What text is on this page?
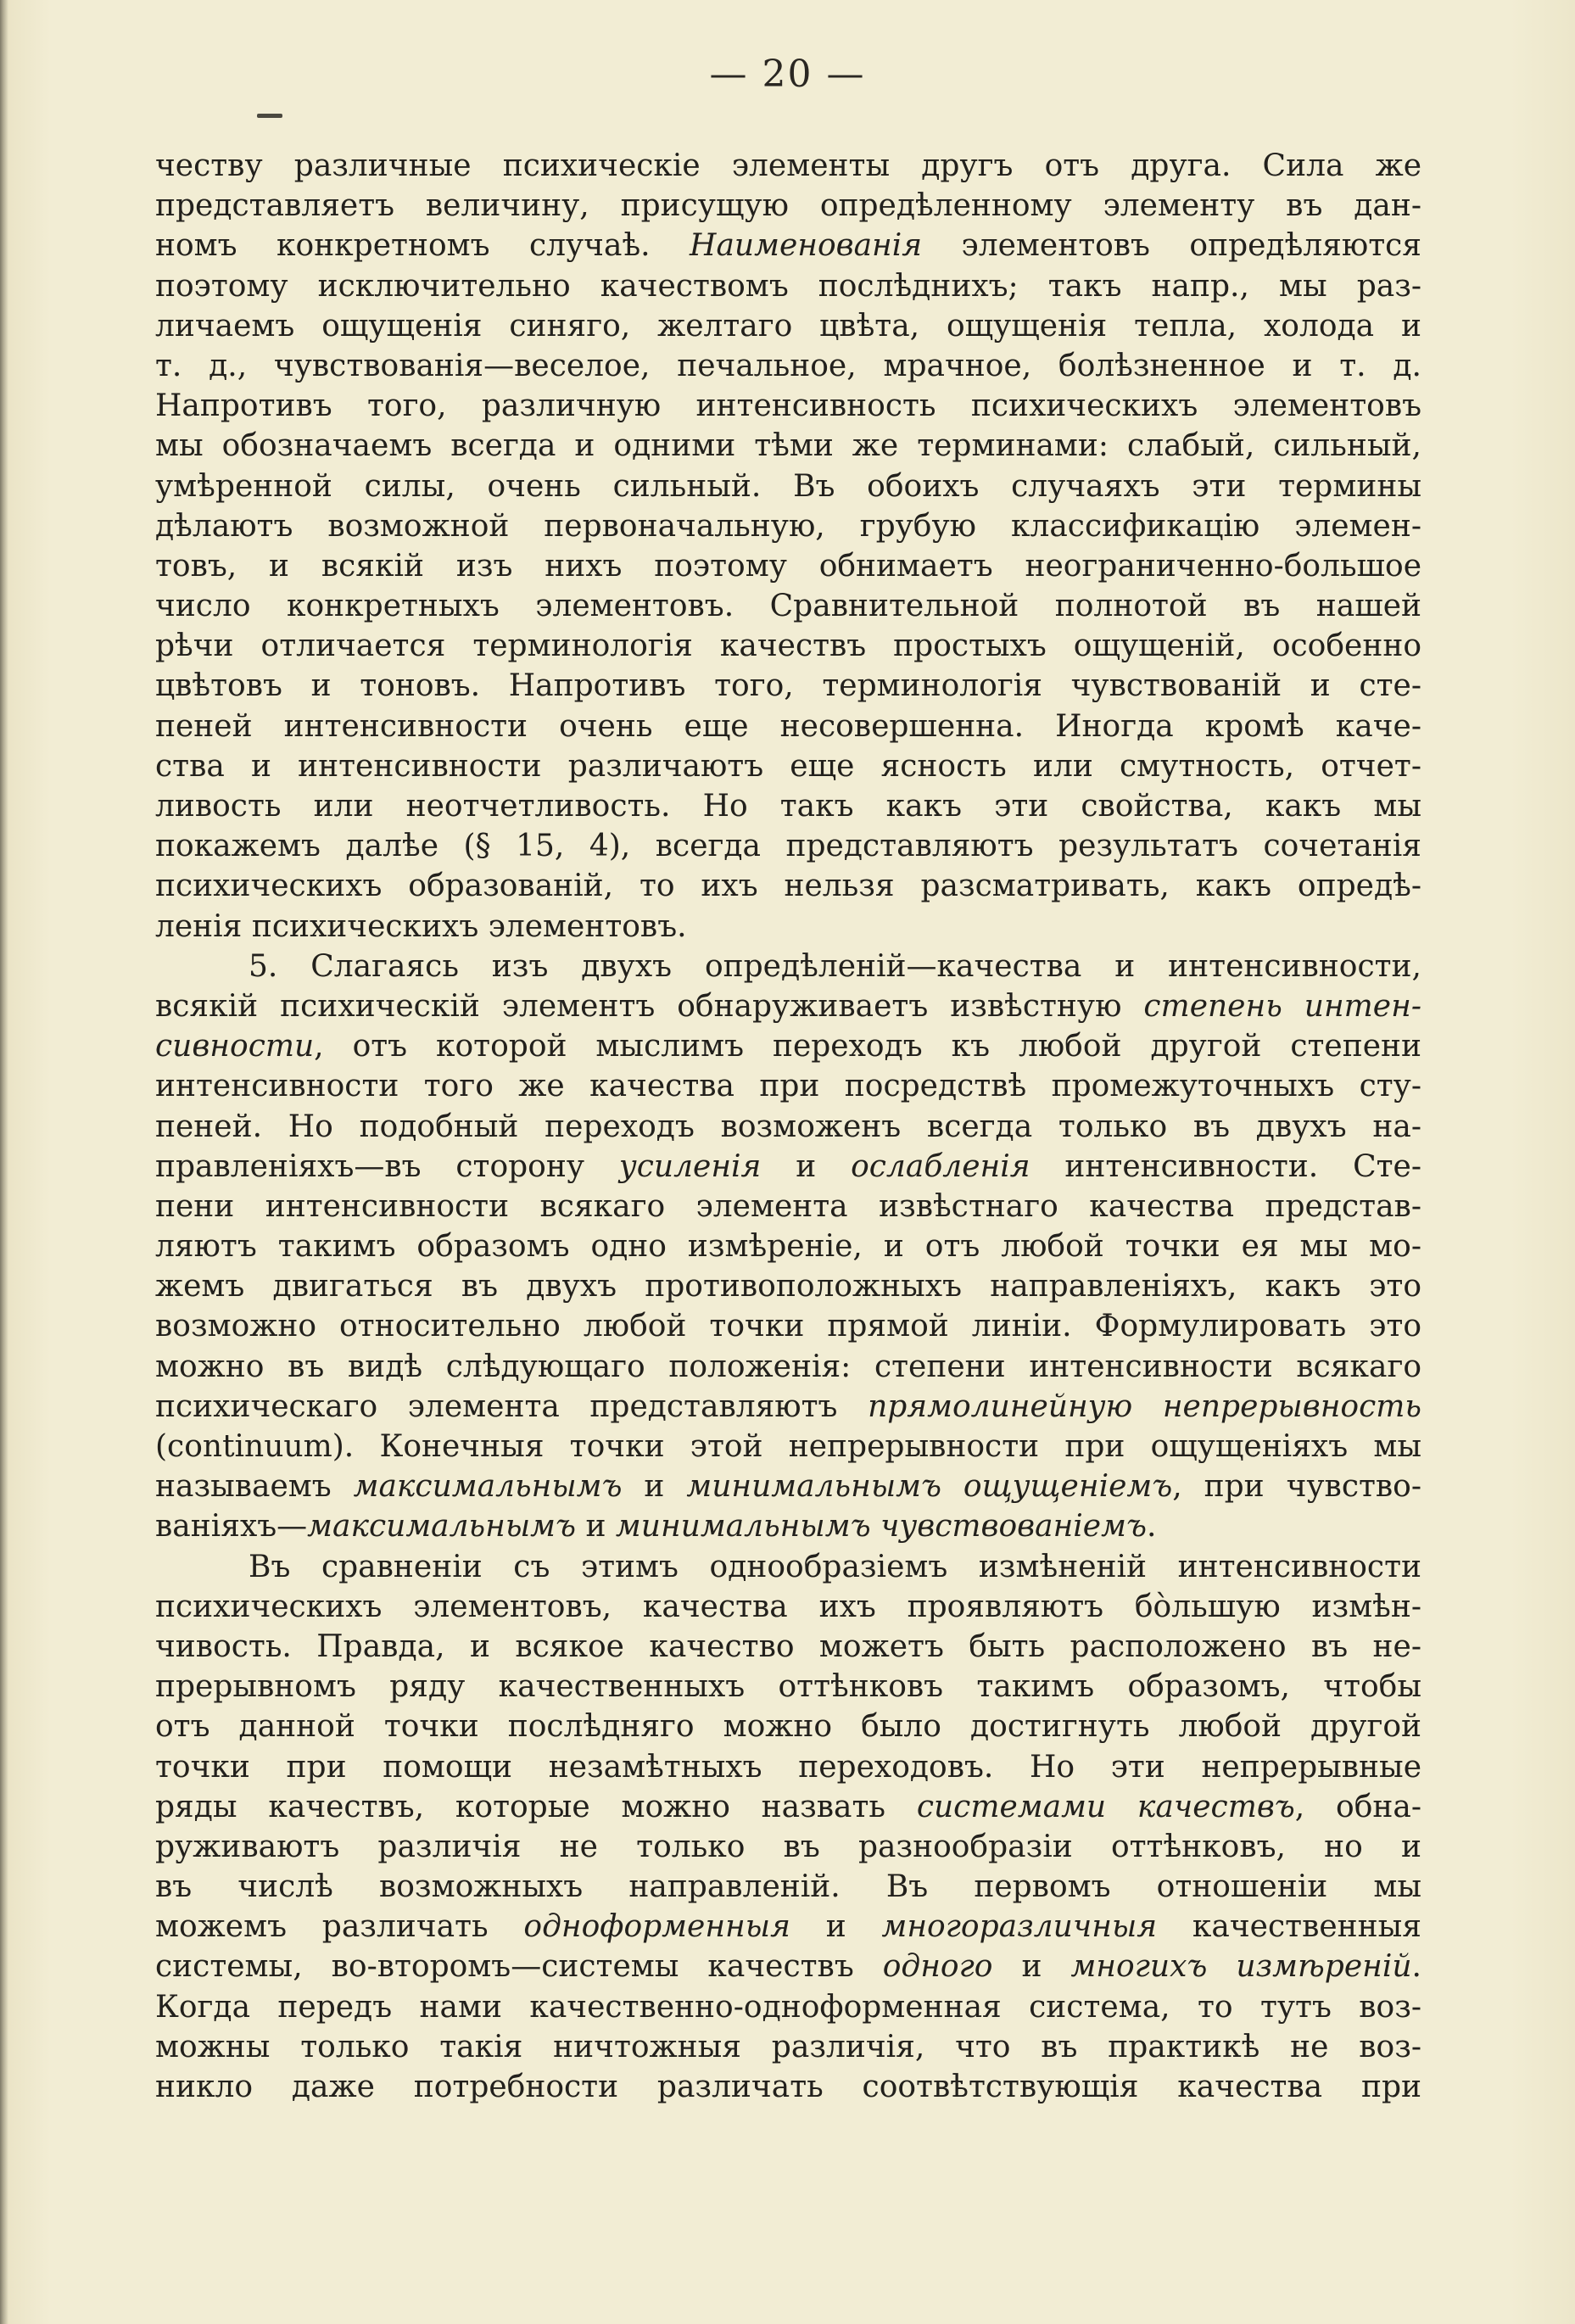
— 20 —
честву различные психическіе элементы другъ отъ друга. Сила же
представляетъ величину, присущую опредѣленному элементу въ дан-
номъ конкретномъ случаѣ. Наименованія элементовъ опредѣляются
поэтому исключительно качествомъ послѣднихъ; такъ напр., мы раз-
личаемъ ощущенія синяго, желтаго цвѣта, ощущенія тепла, холода и
т. д., чувствованія—веселое, печальное, мрачное, болѣзненное и т. д.
Напротивъ того, различную интенсивность психическихъ элементовъ
мы обозначаемъ всегда и одними тѣми же терминами: слабый, сильный,
умѣренной силы, очень сильный. Въ обоихъ случаяхъ эти термины
дѣлаютъ возможной первоначальную, грубую классификацію элемен-
товъ, и всякій изъ нихъ поэтому обнимаетъ неограниченно-большое
число конкретныхъ элементовъ. Сравнительной полнотой въ нашей
рѣчи отличается терминологія качествъ простыхъ ощущеній, особенно
цвѣтовъ и тоновъ. Напротивъ того, терминологія чувствованій и сте-
пеней интенсивности очень еще несовершенна. Иногда кромѣ каче-
ства и интенсивности различаютъ еще ясность или смутность, отчет-
ливость или неотчетливость. Но такъ какъ эти свойства, какъ мы
покажемъ далѣе (§ 15, 4), всегда представляютъ результатъ сочетанія
психическихъ образованій, то ихъ нельзя разсматривать, какъ опредѣ-
ленія психическихъ элементовъ.
5. Слагаясь изъ двухъ опредѣленій—качества и интенсивности,
всякій психическій элементъ обнаруживаетъ извѣстную степень интен-
сивности, отъ которой мыслимъ переходъ къ любой другой степени
интенсивности того же качества при посредствѣ промежуточныхъ сту-
пеней. Но подобный переходъ возможенъ всегда только въ двухъ на-
правленіяхъ—въ сторону усиленія и ослабленія интенсивности. Сте-
пени интенсивности всякаго элемента извѣстнаго качества представ-
ляютъ такимъ образомъ одно измѣреніе, и отъ любой точки ея мы мо-
жемъ двигаться въ двухъ противоположныхъ направленіяхъ, какъ это
возможно относительно любой точки прямой линіи. Формулировать это
можно въ видѣ слѣдующаго положенія: степени интенсивности всякаго
психическаго элемента представляютъ прямолинейную непрерывность
(continuum). Конечныя точки этой непрерывности при ощущеніяхъ мы
называемъ максимальнымъ и минимальнымъ ощущеніемъ, при чувство-
ваніяхъ—максимальнымъ и минимальнымъ чувствованіемъ.
Въ сравненіи съ этимъ однообразіемъ измѣненій интенсивности
психическихъ элементовъ, качества ихъ проявляютъ бо̀льшую измѣн-
чивость. Правда, и всякое качество можетъ быть расположено въ не-
прерывномъ ряду качественныхъ оттѣнковъ такимъ образомъ, чтобы
отъ данной точки послѣдняго можно было достигнуть любой другой
точки при помощи незамѣтныхъ переходовъ. Но эти непрерывные
ряды качествъ, которые можно назвать системами качествъ, обна-
руживаютъ различія не только въ разнообразіи оттѣнковъ, но и
въ числѣ возможныхъ направленій. Въ первомъ отношеніи мы
можемъ различать одноформенныя и многоразличныя качественныя
системы, во-второмъ—системы качествъ одного и многихъ измѣреній.
Когда передъ нами качественно-одноформенная система, то тутъ воз-
можны только такія ничтожныя различія, что въ практикѣ не воз-
никло даже потребности различать соотвѣтствующія качества при
